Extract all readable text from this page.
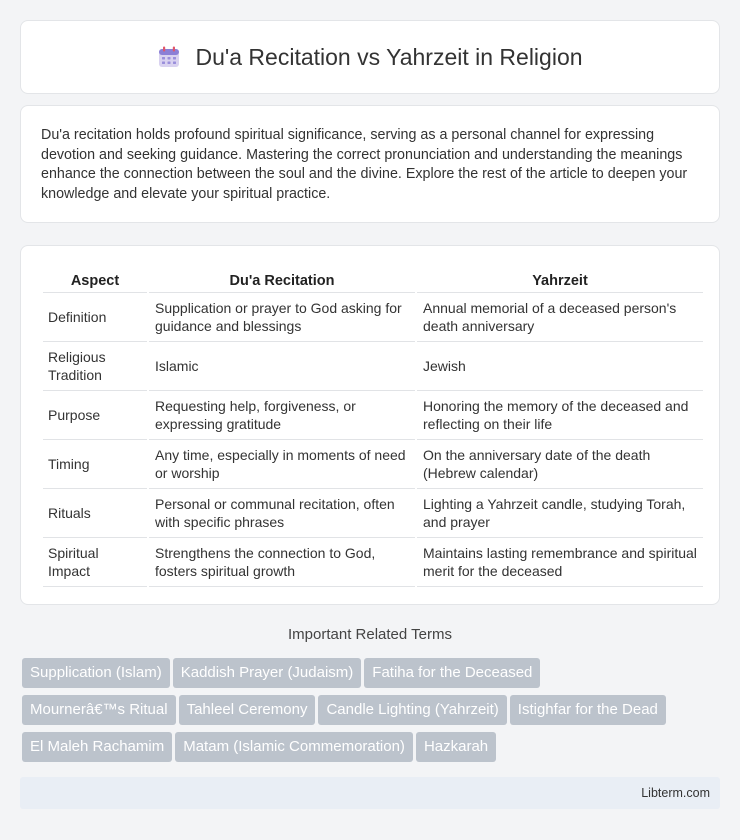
Du'a Recitation vs Yahrzeit in Religion

Du'a recitation holds profound spiritual significance, serving as a personal channel for expressing devotion and seeking guidance. Mastering the correct pronunciation and understanding the meanings enhance the connection between the soul and the divine. Explore the rest of the article to deepen your knowledge and elevate your spiritual practice.

Aspect	Du'a Recitation	Yahrzeit
Definition	Supplication or prayer to God asking for guidance and blessings	Annual memorial of a deceased person's death anniversary
Religious Tradition	Islamic	Jewish
Purpose	Requesting help, forgiveness, or expressing gratitude	Honoring the memory of the deceased and reflecting on their life
Timing	Any time, especially in moments of need or worship	On the anniversary date of the death (Hebrew calendar)
Rituals	Personal or communal recitation, often with specific phrases	Lighting a Yahrzeit candle, studying Torah, and prayer
Spiritual Impact	Strengthens the connection to God, fosters spiritual growth	Maintains lasting remembrance and spiritual merit for the deceased
Important Related Terms
Supplication (Islam) Kaddish Prayer (Judaism) Fatiha for the Deceased
Mournerâ€™s Ritual Tahleel Ceremony Candle Lighting (Yahrzeit) Istighfar for the Dead
El Maleh Rachamim Matam (Islamic Commemoration) Hazkarah
Libterm.com
